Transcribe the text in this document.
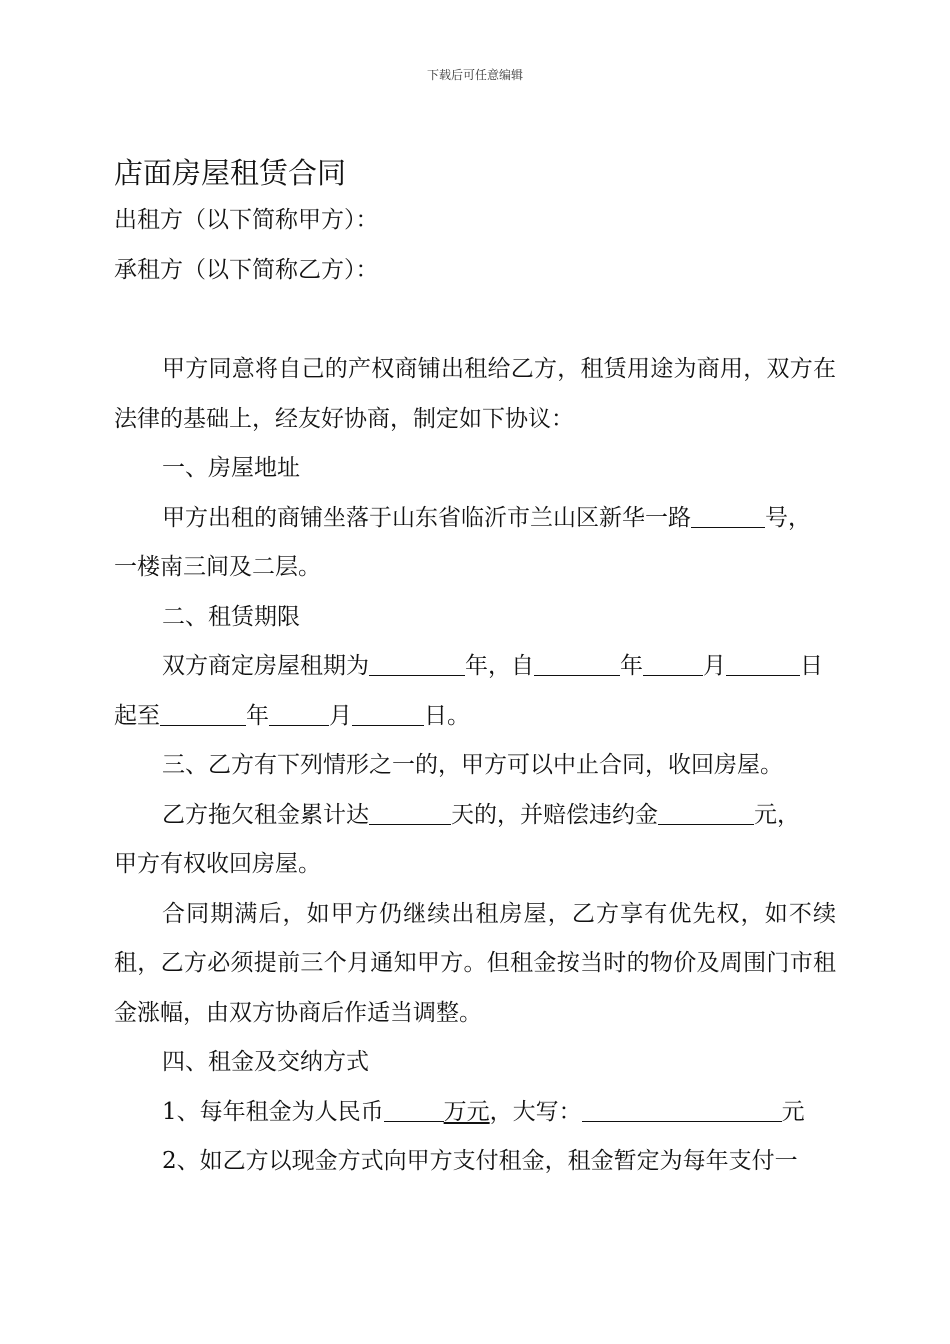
下载后可任意编辑
店面房屋租赁合同

出租方（以下简称甲方）：

承租方（以下简称乙方）：

甲方同意将自己的产权商铺出租给乙方，租赁用途为商用，双方在法律的基础上，经友好协商，制定如下协议：

一、房屋地址

甲方出租的商铺坐落于山东省临沂市兰山区新华一路	号，

一楼南三间及二层。

二、租赁期限

双方商定房屋租期为	年，自	年	月	日

起至	年	月	日。

三、乙方有下列情形之一的，甲方可以中止合同，收回房屋。

乙方拖欠租金累计达	天的，并赔偿违约金	元，

甲方有权收回房屋。

合同期满后，如甲方仍继续出租房屋，乙方享有优先权，如不续租，乙方必须提前三个月通知甲方。但租金按当时的物价及周围门市租金涨幅，由双方协商后作适当调整。

四、租金及交纳方式

1、每年租金为人民币	万元，大写：	元

2、如乙方以现金方式向甲方支付租金，租金暂定为每年支付一
